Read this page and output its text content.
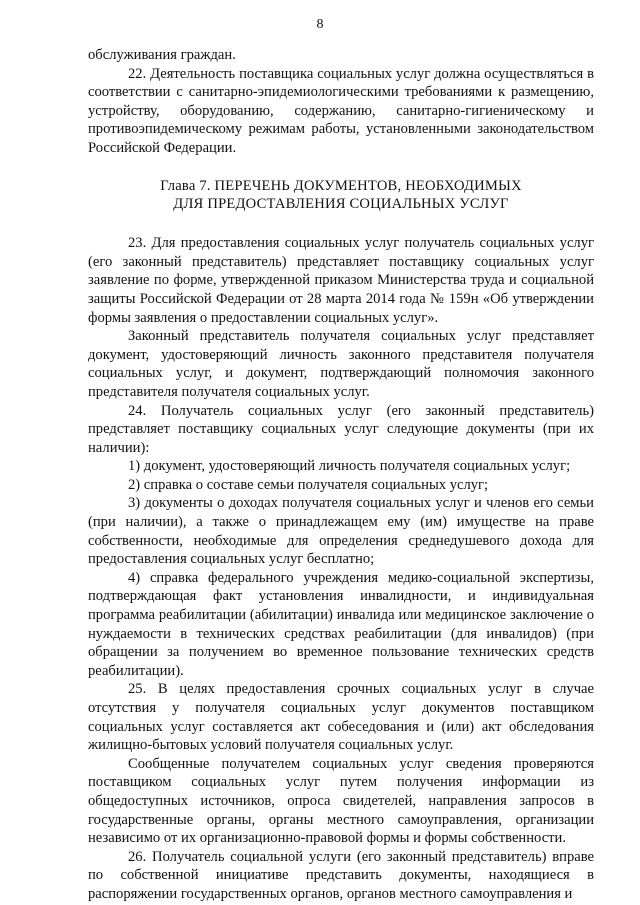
8

обслуживания граждан.

22. Деятельность поставщика социальных услуг должна осуществляться в соответствии с санитарно-эпидемиологическими требованиями к размещению, устройству, оборудованию, содержанию, санитарно-гигиеническому и противоэпидемическому режимам работы, установленными законодательством Российской Федерации.

Глава 7. ПЕРЕЧЕНЬ ДОКУМЕНТОВ, НЕОБХОДИМЫХ
ДЛЯ ПРЕДОСТАВЛЕНИЯ СОЦИАЛЬНЫХ УСЛУГ

23. Для предоставления социальных услуг получатель социальных услуг (его законный представитель) представляет поставщику социальных услуг заявление по форме, утвержденной приказом Министерства труда и социальной защиты Российской Федерации от 28 марта 2014 года № 159н «Об утверждении формы заявления о предоставлении социальных услуг».

Законный представитель получателя социальных услуг представляет документ, удостоверяющий личность законного представителя получателя социальных услуг, и документ, подтверждающий полномочия законного представителя получателя социальных услуг.

24. Получатель социальных услуг (его законный представитель) представляет поставщику социальных услуг следующие документы (при их наличии):

1) документ, удостоверяющий личность получателя социальных услуг;

2) справка о составе семьи получателя социальных услуг;

3) документы о доходах получателя социальных услуг и членов его семьи (при наличии), а также о принадлежащем ему (им) имуществе на праве собственности, необходимые для определения среднедушевого дохода для предоставления социальных услуг бесплатно;

4) справка федерального учреждения медико-социальной экспертизы, подтверждающая факт установления инвалидности, и индивидуальная программа реабилитации (абилитации) инвалида или медицинское заключение о нуждаемости в технических средствах реабилитации (для инвалидов) (при обращении за получением во временное пользование технических средств реабилитации).

25. В целях предоставления срочных социальных услуг в случае отсутствия у получателя социальных услуг документов поставщиком социальных услуг составляется акт собеседования и (или) акт обследования жилищно-бытовых условий получателя социальных услуг.

Сообщенные получателем социальных услуг сведения проверяются поставщиком социальных услуг путем получения информации из общедоступных источников, опроса свидетелей, направления запросов в государственные органы, органы местного самоуправления, организации независимо от их организационно-правовой формы и формы собственности.

26. Получатель социальной услуги (его законный представитель) вправе по собственной инициативе представить документы, находящиеся в распоряжении государственных органов, органов местного самоуправления и
